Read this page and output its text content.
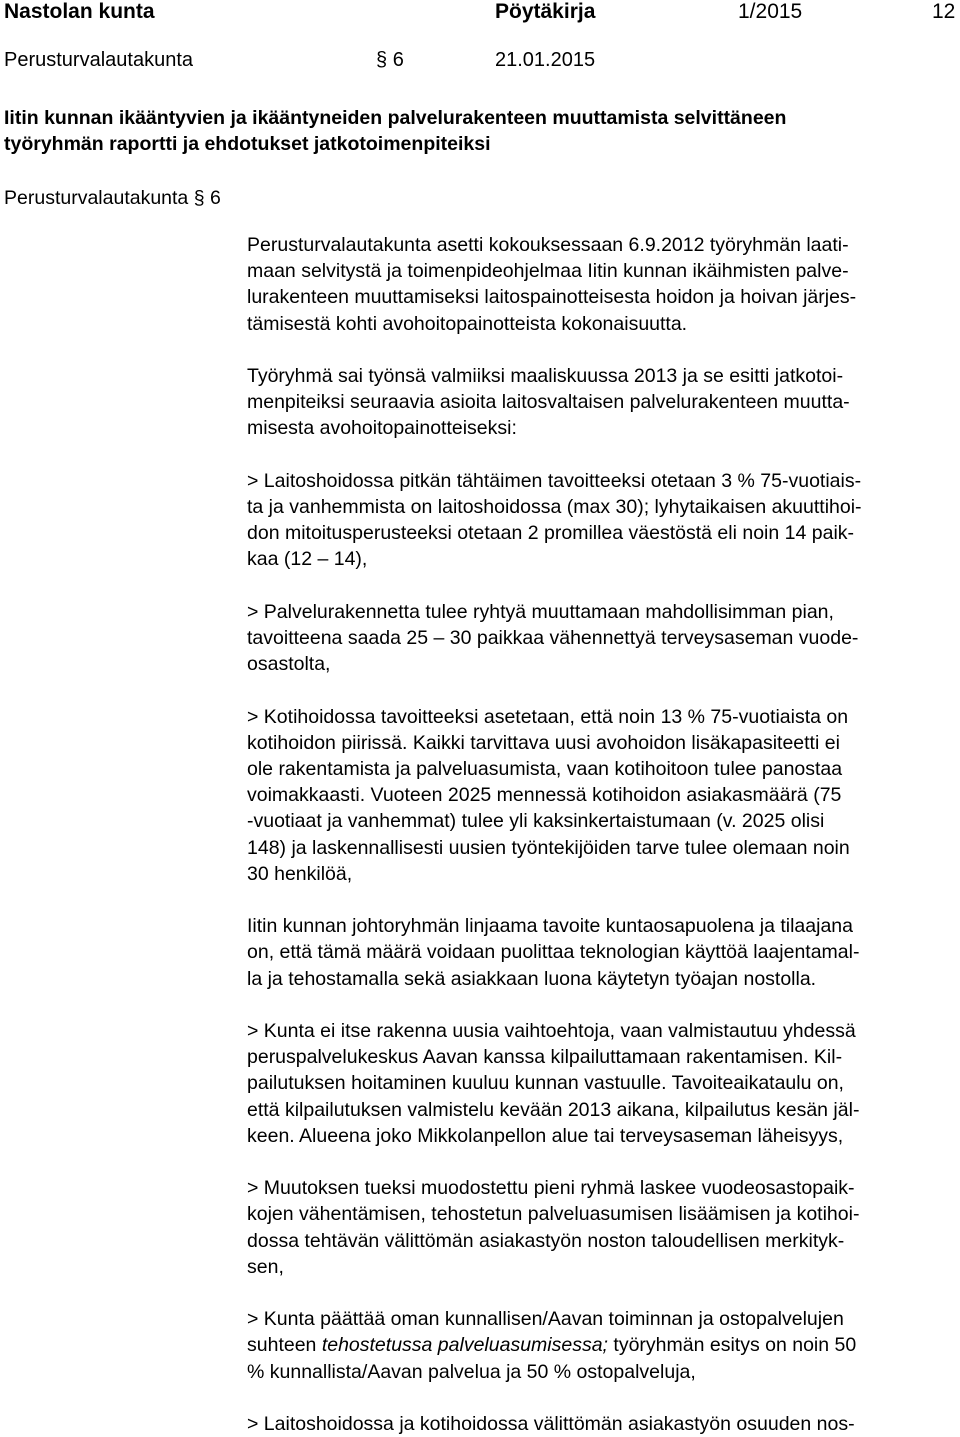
Nastolan kunta	Pöytäkirja	1/2015	12
Perusturvalautakunta	§ 6	21.01.2015
Iitin kunnan ikääntyvien ja ikääntyneiden palvelurakenteen muuttamista selvittäneen
työryhmän raportti ja ehdotukset jatkotoimenpiteiksi
Perusturvalautakunta § 6

Perusturvalautakunta asetti kokouksessaan 6.9.2012 työryhmän laati-
maan selvitystä ja toimenpideohjelmaa Iitin kunnan ikäihmisten palve-
lurakenteen muuttamiseksi laitospainotteisesta hoidon ja hoivan järjes-
tämisestä kohti avohoitopainotteista kokonaisuutta.

Työryhmä sai työnsä valmiiksi maaliskuussa 2013 ja se esitti jatkotoi-
menpiteiksi seuraavia asioita laitosvaltaisen palvelurakenteen muutta-
misesta avohoitopainotteiseksi:

> Laitoshoidossa pitkän tähtäimen tavoitteeksi otetaan 3 % 75-vuotiais-
ta ja vanhemmista on laitoshoidossa (max 30); lyhytaikaisen akuuttihoi-
don mitoitusperusteeksi otetaan 2 promillea väestöstä eli noin 14 paik-
kaa (12 – 14),

> Palvelurakennetta tulee ryhtyä muuttamaan mahdollisimman pian,
tavoitteena saada 25 – 30 paikkaa vähennettyä terveysaseman vuode-
osastolta,

> Kotihoidossa tavoitteeksi asetetaan, että noin 13 % 75-vuotiaista on
kotihoidon piirissä. Kaikki tarvittava uusi avohoidon lisäkapasiteetti ei
ole rakentamista ja palveluasumista, vaan kotihoitoon tulee panostaa
voimakkaasti. Vuoteen 2025 mennessä kotihoidon asiakasmäärä (75
-vuotiaat ja vanhemmat) tulee yli kaksinkertaistumaan (v. 2025 olisi
148) ja laskennallisesti uusien työntekijöiden tarve tulee olemaan noin
30 henkilöä,

Iitin kunnan johtoryhmän linjaama tavoite kuntaosapuolena ja tilaajana
on, että tämä määrä voidaan puolittaa teknologian käyttöä laajentamal-
la ja tehostamalla sekä asiakkaan luona käytetyn työajan nostolla.

> Kunta ei itse rakenna uusia vaihtoehtoja, vaan valmistautuu yhdessä
peruspalvelukeskus Aavan kanssa kilpailuttamaan rakentamisen. Kil-
pailutuksen hoitaminen kuuluu kunnan vastuulle. Tavoiteaikataulu on,
että kilpailutuksen valmistelu kevään 2013 aikana, kilpailutus kesän jäl-
keen. Alueena joko Mikkolanpellon alue tai terveysaseman läheisyys,

> Muutoksen tueksi muodostettu pieni ryhmä laskee vuodeosastopaik-
kojen vähentämisen, tehostetun palveluasumisen lisäämisen ja kotihoi-
dossa tehtävän välittömän asiakastyön noston taloudellisen merkityk-
sen,

> Kunta päättää oman kunnallisen/Aavan toiminnan ja ostopalvelujen
suhteen tehostetussa palveluasumisessa; työryhmän esitys on noin 50
% kunnallista/Aavan palvelua ja 50 % ostopalveluja,

> Laitoshoidossa ja kotihoidossa välittömän asiakastyön osuuden nos-
